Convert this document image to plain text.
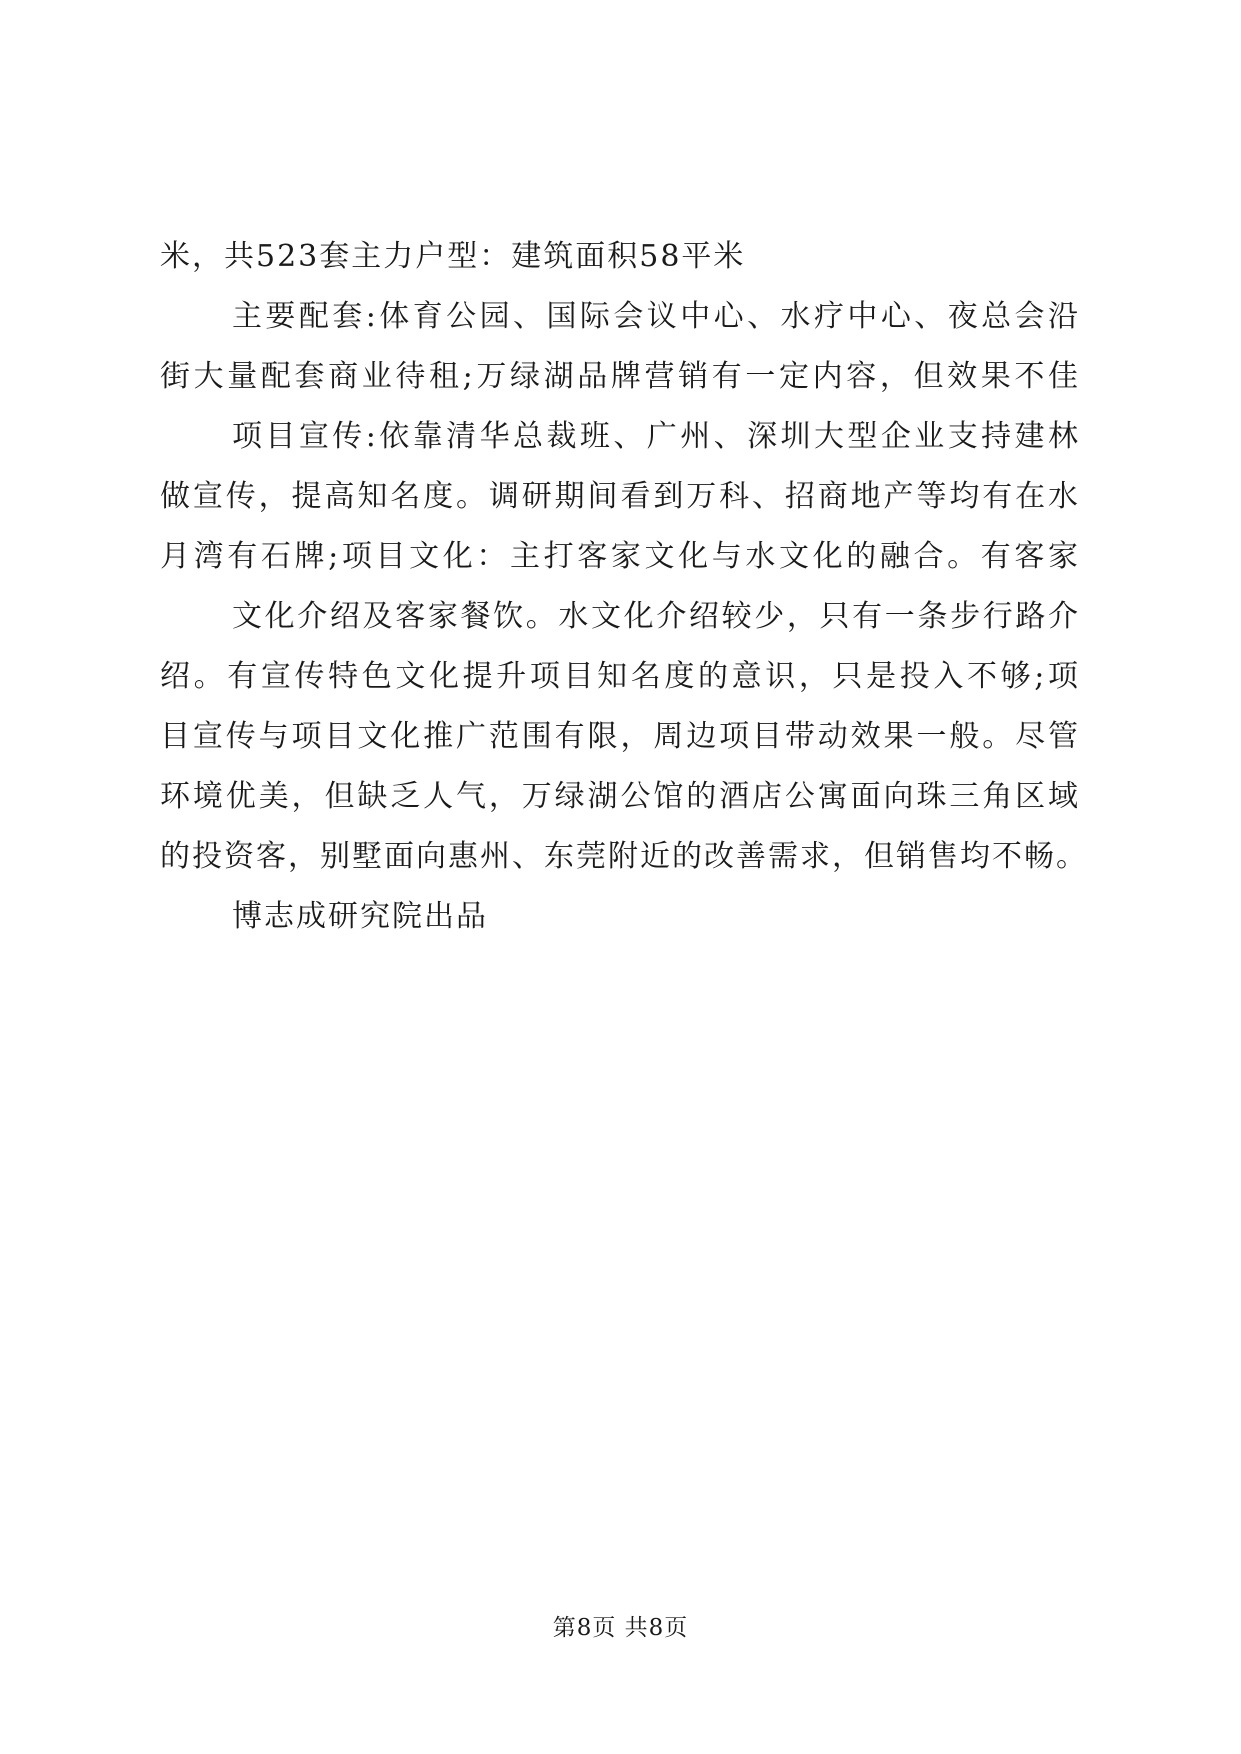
米，共523套主力户型：建筑面积58平米
主要配套:体育公园、国际会议中心、水疗中心、夜总会沿
街大量配套商业待租;万绿湖品牌营销有一定内容，但效果不佳
项目宣传:依靠清华总裁班、广州、深圳大型企业支持建林
做宣传，提高知名度。调研期间看到万科、招商地产等均有在水
月湾有石牌;项目文化：主打客家文化与水文化的融合。有客家
文化介绍及客家餐饮。水文化介绍较少，只有一条步行路介
绍。有宣传特色文化提升项目知名度的意识，只是投入不够;项
目宣传与项目文化推广范围有限，周边项目带动效果一般。尽管
环境优美，但缺乏人气，万绿湖公馆的酒店公寓面向珠三角区域
的投资客，别墅面向惠州、东莞附近的改善需求，但销售均不畅。
博志成研究院出品
第8页 共8页
